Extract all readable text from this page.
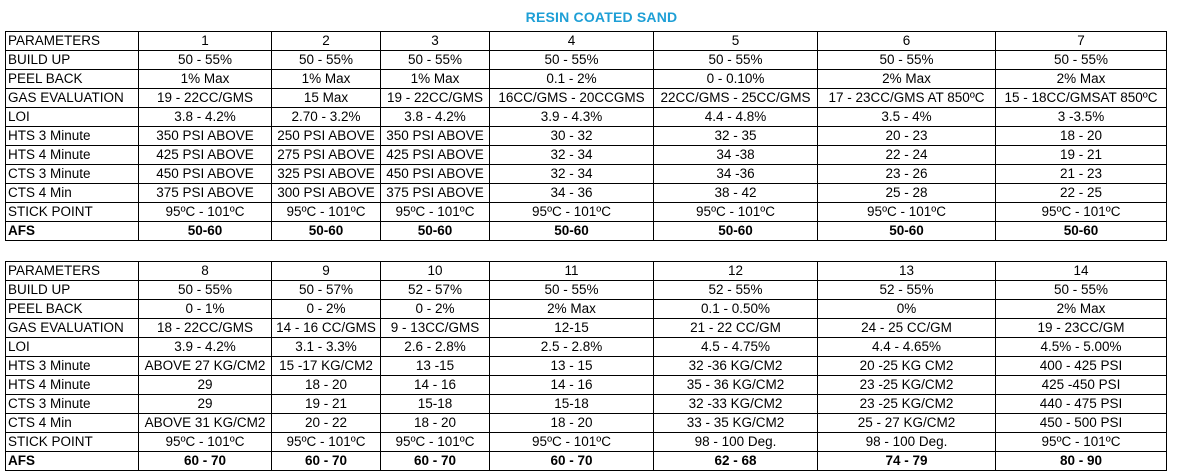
RESIN COATED SAND
PARAMETERS	1	2	3	4	5	6	7
BUILD UP	50 - 55%	50 - 55%	50 - 55%	50 - 55%	50 - 55%	50 - 55%	50 - 55%
PEEL BACK	1% Max	1% Max	1% Max	0.1 - 2%	0 - 0.10%	2% Max	2% Max
GAS EVALUATION	19 - 22CC/GMS	15 Max	19 - 22CC/GMS	16CC/GMS - 20CCGMS	22CC/GMS - 25CC/GMS	17 - 23CC/GMS AT 850ºC	15 - 18CC/GMSAT 850ºC
LOI	3.8 - 4.2%	2.70 - 3.2%	3.8 - 4.2%	3.9 - 4.3%	4.4 - 4.8%	3.5 - 4%	3 -3.5%
HTS 3 Minute	350 PSI ABOVE	250 PSI ABOVE	350 PSI ABOVE	30 - 32	32 - 35	20 - 23	18 - 20
HTS 4 Minute	425 PSI ABOVE	275 PSI ABOVE	425 PSI ABOVE	32 - 34	34 -38	22 - 24	19 - 21
CTS 3 Minute	450 PSI ABOVE	325 PSI ABOVE	450 PSI ABOVE	32 - 34	34 -36	23 - 26	21 - 23
CTS 4 Min	375 PSI ABOVE	300 PSI ABOVE	375 PSI ABOVE	34 - 36	38 - 42	25 - 28	22 - 25
STICK POINT	95ºC - 101ºC	95ºC - 101ºC	95ºC - 101ºC	95ºC - 101ºC	95ºC - 101ºC	95ºC - 101ºC	95ºC - 101ºC
AFS	50-60	50-60	50-60	50-60	50-60	50-60	50-60
PARAMETERS	8	9	10	11	12	13	14
BUILD UP	50 - 55%	50 - 57%	52 - 57%	50 - 55%	52 - 55%	52 - 55%	50 - 55%
PEEL BACK	0 - 1%	0 - 2%	0 - 2%	2% Max	0.1 - 0.50%	0%	2% Max
GAS EVALUATION	18 - 22CC/GMS	14 - 16 CC/GMS	9 - 13CC/GMS	12-15	21 - 22 CC/GM	24 - 25 CC/GM	19 - 23CC/GM
LOI	3.9 - 4.2%	3.1 - 3.3%	2.6 - 2.8%	2.5 - 2.8%	4.5 - 4.75%	4.4 - 4.65%	4.5% - 5.00%
HTS 3 Minute	ABOVE 27 KG/CM2	15 -17 KG/CM2	13 -15	13 - 15	32 -36 KG/CM2	20 -25 KG CM2	400 - 425 PSI
HTS 4 Minute	29	18 - 20	14 - 16	14 - 16	35 - 36 KG/CM2	23 -25 KG/CM2	425 -450 PSI
CTS 3 Minute	29	19 - 21	15-18	15-18	32 -33 KG/CM2	23 -25 KG/CM2	440 - 475 PSI
CTS 4 Min	ABOVE 31 KG/CM2	20 - 22	18 - 20	18 - 20	33 - 35 KG/CM2	25 - 27 KG/CM2	450 - 500 PSI
STICK POINT	95ºC - 101ºC	95ºC - 101ºC	95ºC - 101ºC	95ºC - 101ºC	98 - 100 Deg.	98 - 100 Deg.	95ºC - 101ºC
AFS	60 - 70	60 - 70	60 - 70	60 - 70	62 - 68	74 - 79	80 - 90
